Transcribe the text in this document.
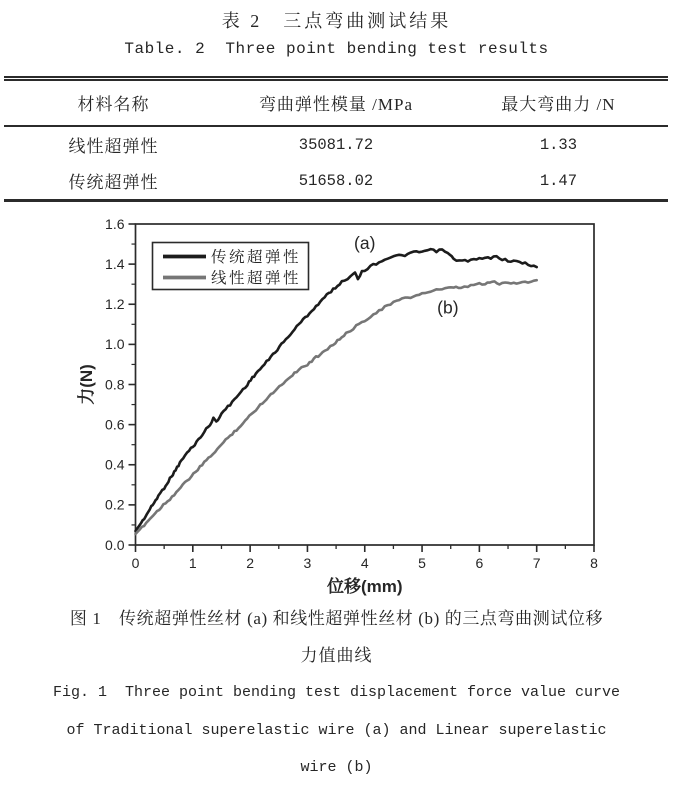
表 2　三点弯曲测试结果
Table. 2  Three point bending test results
材料名称	弯曲弹性模量 /MPa	最大弯曲力 /N
线性超弹性	35081.72	1.33
传统超弹性	51658.02	1.47
0	1	2	3	4	5	6	7	8
0.0
0.2
0.4
0.6
0.8
1.0
1.2
1.4
1.6
位移(mm)
力(N)
传统超弹性
线性超弹性
(a)
(b)
图 1　传统超弹性丝材 (a) 和线性超弹性丝材 (b) 的三点弯曲测试位移
力值曲线
Fig. 1  Three point bending test displacement force value curve
of Traditional superelastic wire (a) and Linear superelastic
wire (b)
